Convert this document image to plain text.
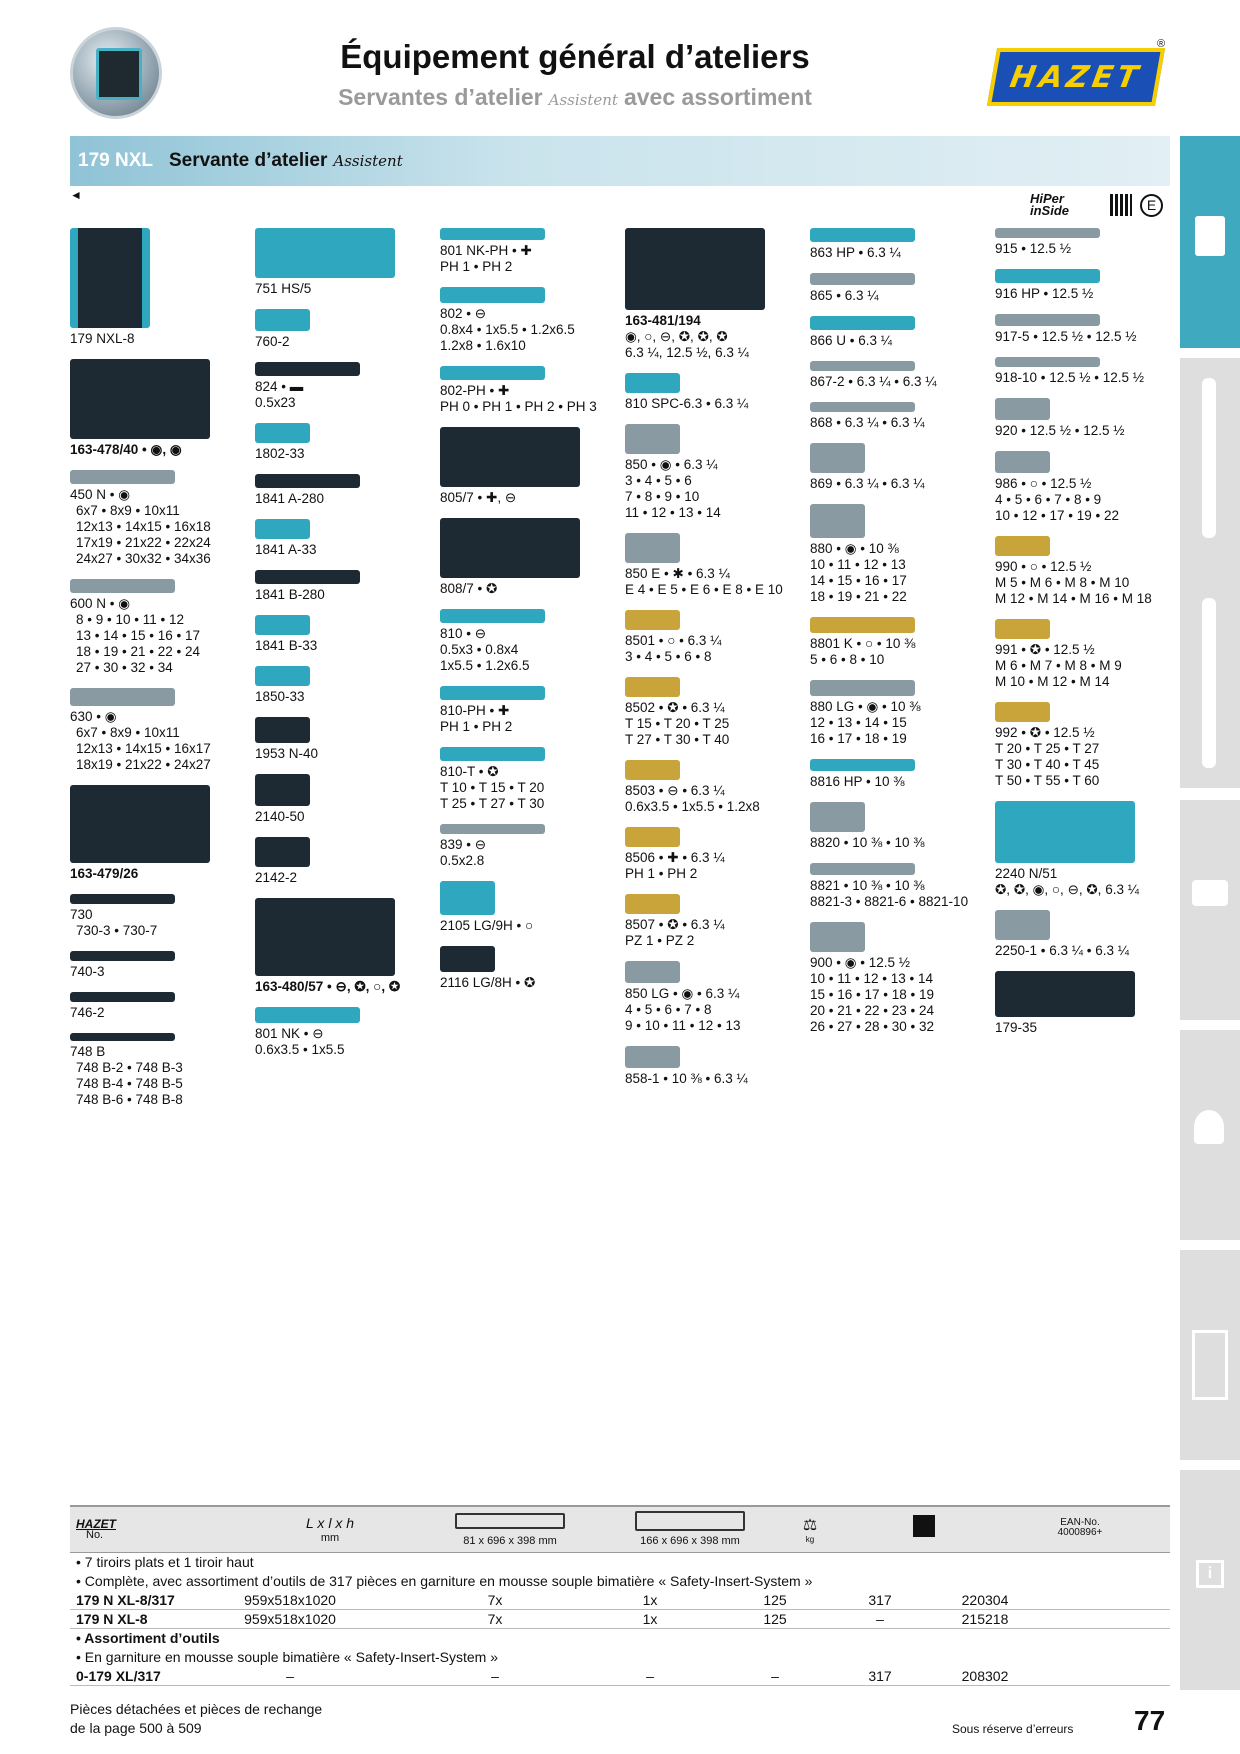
Équipement général d’ateliers
Servantes d’atelier Assistent avec assortiment
HAZET
®
179 NXL Servante d’atelier Assistent
◄	HiPer inSide	E
i
179 NXL-8
163-478/40 • ◉, ◉
450 N • ◉
6x7 • 8x9 • 10x11
12x13 • 14x15 • 16x18
17x19 • 21x22 • 22x24
24x27 • 30x32 • 34x36
600 N • ◉
8 • 9 • 10 • 11 • 12
13 • 14 • 15 • 16 • 17
18 • 19 • 21 • 22 • 24
27 • 30 • 32 • 34
630 • ◉
6x7 • 8x9 • 10x11
12x13 • 14x15 • 16x17
18x19 • 21x22 • 24x27
163-479/26
730
730-3 • 730-7
740-3
746-2
748 B
748 B-2 • 748 B-3
748 B-4 • 748 B-5
748 B-6 • 748 B-8
751 HS/5
760-2
824 • ▬
0.5x23
1802-33
1841 A-280
1841 A-33
1841 B-280
1841 B-33
1850-33
1953 N-40
2140-50
2142-2
163-480/57 • ⊖, ✪, ○, ✪
801 NK • ⊖
0.6x3.5 • 1x5.5
801 NK-PH • ✚
PH 1 • PH 2
802 • ⊖
0.8x4 • 1x5.5 • 1.2x6.5
1.2x8 • 1.6x10
802-PH • ✚
PH 0 • PH 1 • PH 2 • PH 3
805/7 • ✚, ⊖
808/7 • ✪
810 • ⊖
0.5x3 • 0.8x4
1x5.5 • 1.2x6.5
810-PH • ✚
PH 1 • PH 2
810-T • ✪
T 10 • T 15 • T 20
T 25 • T 27 • T 30
839 • ⊖
0.5x2.8
2105 LG/9H • ○
2116 LG/8H • ✪
163-481/194
◉, ○, ⊖, ✪, ✪, ✪
6.3 ¼, 12.5 ½, 6.3 ¼
810 SPC-6.3 • 6.3 ¼
850 • ◉ • 6.3 ¼
3 • 4 • 5 • 6
7 • 8 • 9 • 10
11 • 12 • 13 • 14
850 E • ✱ • 6.3 ¼
E 4 • E 5 • E 6 • E 8 • E 10
8501 • ○ • 6.3 ¼
3 • 4 • 5 • 6 • 8
8502 • ✪ • 6.3 ¼
T 15 • T 20 • T 25
T 27 • T 30 • T 40
8503 • ⊖ • 6.3 ¼
0.6x3.5 • 1x5.5 • 1.2x8
8506 • ✚ • 6.3 ¼
PH 1 • PH 2
8507 • ✪ • 6.3 ¼
PZ 1 • PZ 2
850 LG • ◉ • 6.3 ¼
4 • 5 • 6 • 7 • 8
9 • 10 • 11 • 12 • 13
858-1 • 10 ⅜ • 6.3 ¼
863 HP • 6.3 ¼
865 • 6.3 ¼
866 U • 6.3 ¼
867-2 • 6.3 ¼ • 6.3 ¼
868 • 6.3 ¼ • 6.3 ¼
869 • 6.3 ¼ • 6.3 ¼
880 • ◉ • 10 ⅜
10 • 11 • 12 • 13
14 • 15 • 16 • 17
18 • 19 • 21 • 22
8801 K • ○ • 10 ⅜
5 • 6 • 8 • 10
880 LG • ◉ • 10 ⅜
12 • 13 • 14 • 15
16 • 17 • 18 • 19
8816 HP • 10 ⅜
8820 • 10 ⅜ • 10 ⅜
8821 • 10 ⅜ • 10 ⅜
8821-3 • 8821-6 • 8821-10
900 • ◉ • 12.5 ½
10 • 11 • 12 • 13 • 14
15 • 16 • 17 • 18 • 19
20 • 21 • 22 • 23 • 24
26 • 27 • 28 • 30 • 32
915 • 12.5 ½
916 HP • 12.5 ½
917-5 • 12.5 ½ • 12.5 ½
918-10 • 12.5 ½ • 12.5 ½
920 • 12.5 ½ • 12.5 ½
986 • ○ • 12.5 ½
4 • 5 • 6 • 7 • 8 • 9
10 • 12 • 17 • 19 • 22
990 • ○ • 12.5 ½
M 5 • M 6 • M 8 • M 10
M 12 • M 14 • M 16 • M 18
991 • ✪ • 12.5 ½
M 6 • M 7 • M 8 • M 9
M 10 • M 12 • M 14
992 • ✪ • 12.5 ½
T 20 • T 25 • T 27
T 30 • T 40 • T 45
T 50 • T 55 • T 60
2240 N/51
✪, ✪, ◉, ○, ⊖, ✪, 6.3 ¼
2250-1 • 6.3 ¼ • 6.3 ¼
179-35
HAZET
No.
L x l x h
mm	81 x 696 x 398 mm	166 x 696 x 398 mm
⚖
kg
EAN-No.
4000896+
• 7 tiroirs plats et 1 tiroir haut
• Complète, avec assortiment d’outils de 317 pièces en garniture en mousse souple bimatière « Safety-Insert-System »
179 N XL-8/317	959x518x1020	7x	1x	125	317	220304
179 N XL-8	959x518x1020	7x	1x	125	–	215218
• Assortiment d’outils
• En garniture en mousse souple bimatière « Safety-Insert-System »
0-179 XL/317	–	–	–	–	317	208302
Pièces détachées et pièces de rechange
de la page 500 à 509	Sous réserve d’erreurs 77
